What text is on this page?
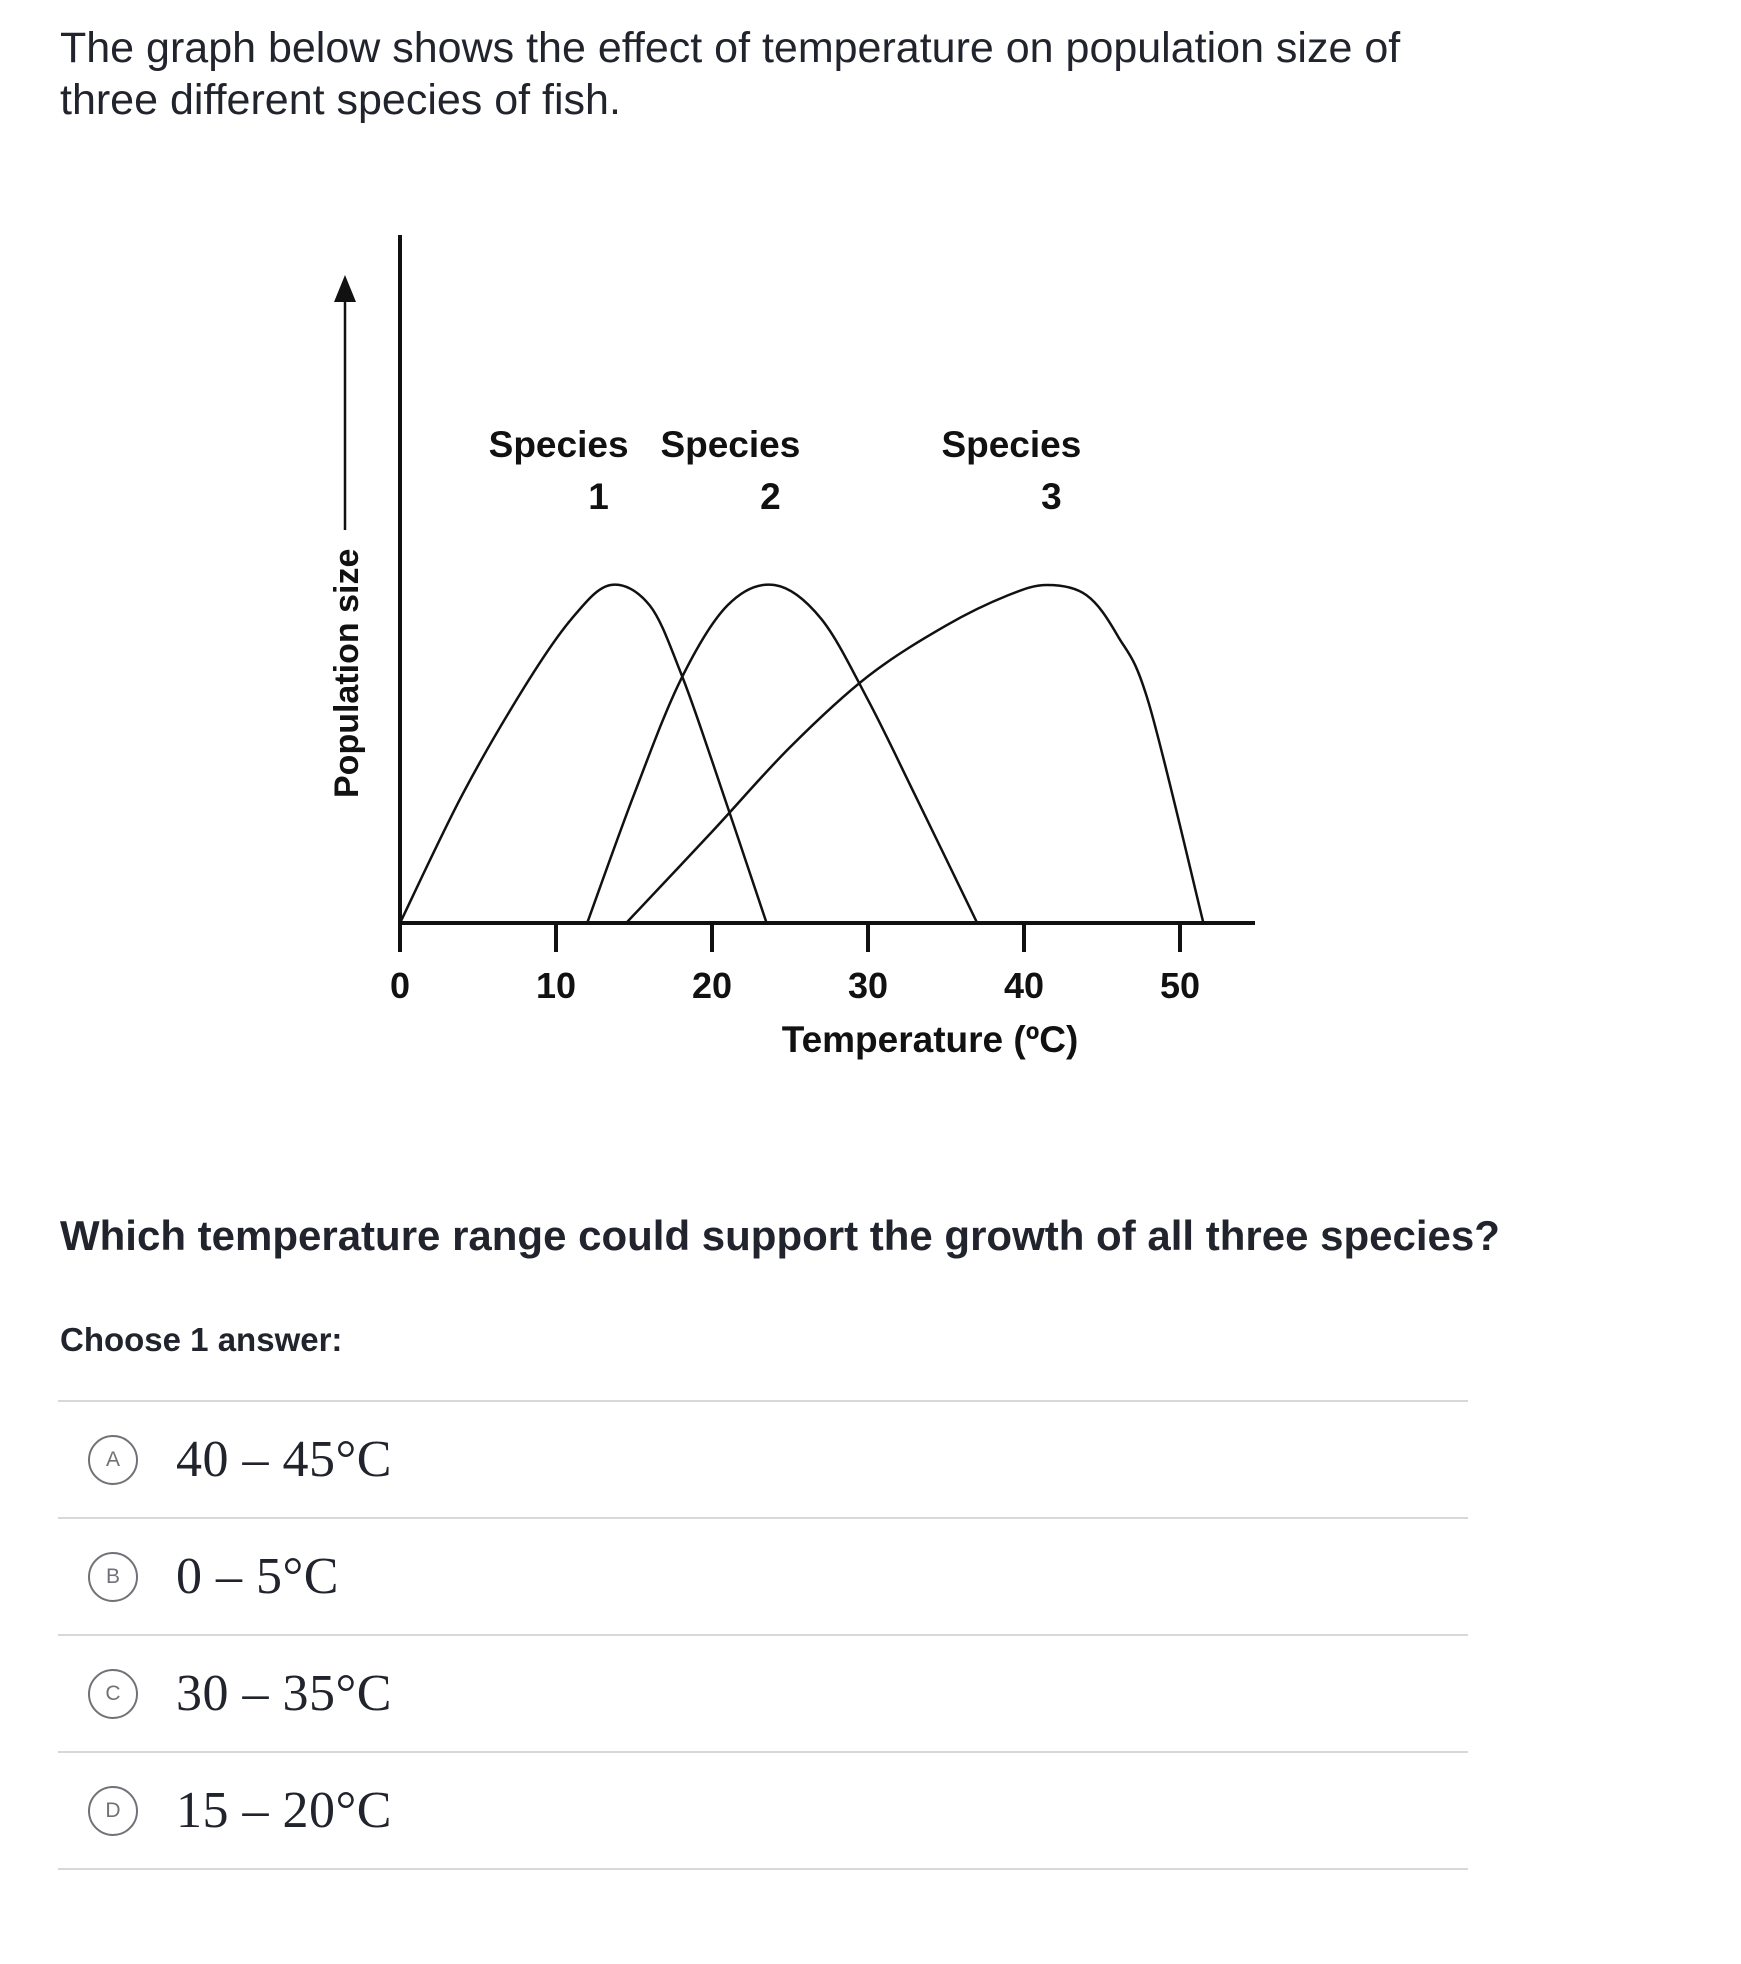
The graph below shows the effect of temperature on population size of three different species of fish.

Population size
Temperature (ºC)
0	10	20	30	40	50
Species
1
Species
2
Species
3

Which temperature range could support the growth of all three species?

Choose 1 answer:

A	40 – 45°C
B	0 – 5°C
C	30 – 35°C
D	15 – 20°C
